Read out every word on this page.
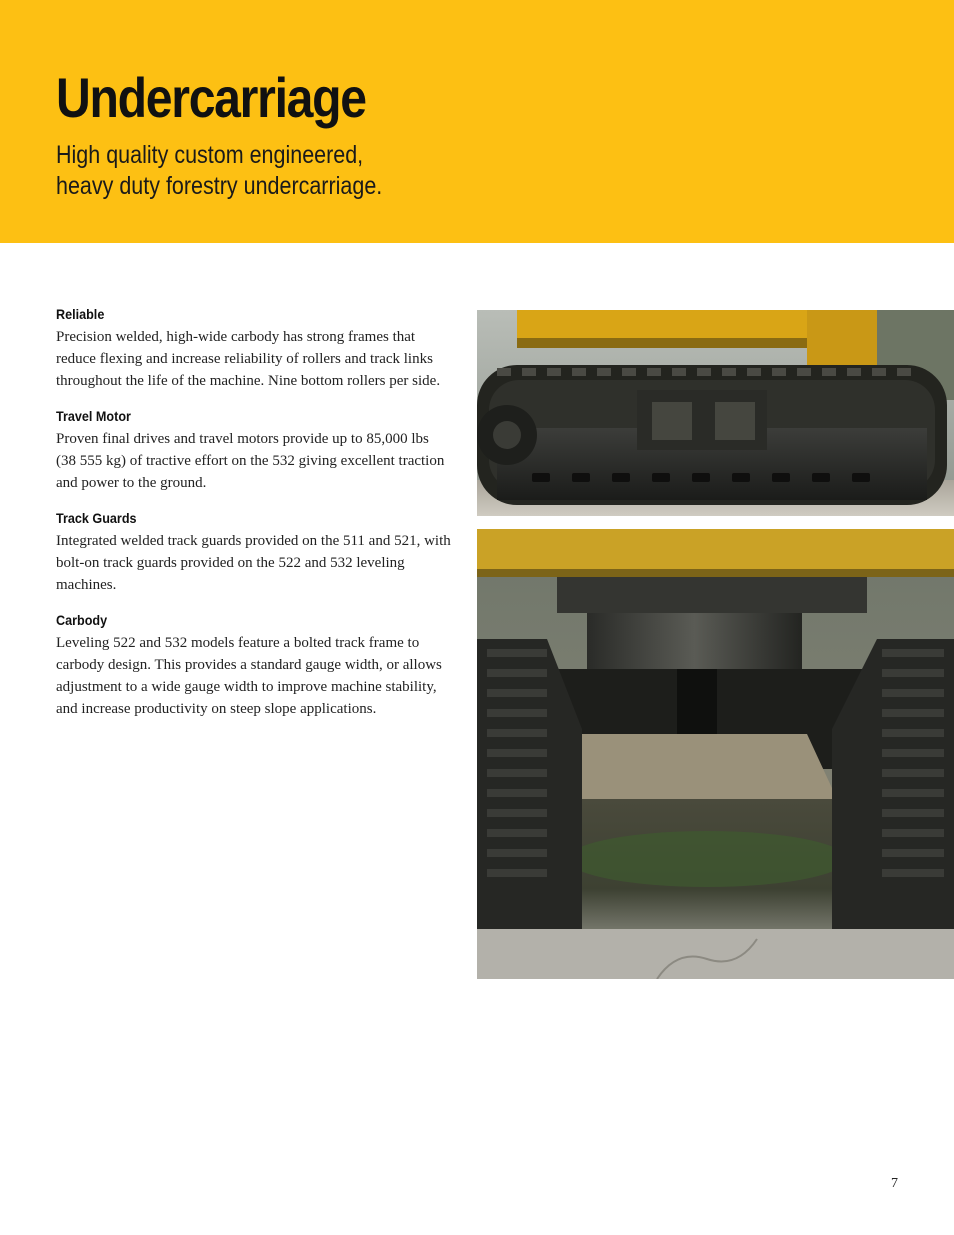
Undercarriage
High quality custom engineered,
heavy duty forestry undercarriage.
Reliable

Precision welded, high-wide carbody has strong frames that reduce flexing and increase reliability of rollers and track links throughout the life of the machine. Nine bottom rollers per side.

Travel Motor

Proven final drives and travel motors provide up to 85,000 lbs (38 555 kg) of tractive effort on the 532 giving excellent traction and power to the ground.

Track Guards

Integrated welded track guards provided on the 511 and 521, with bolt-on track guards provided on the 522 and 532 leveling machines.

Carbody

Leveling 522 and 532 models feature a bolted track frame to carbody design. This provides a standard gauge width, or allows adjustment to a wide gauge width to improve machine stability, and increase productivity on steep slope applications.

7
